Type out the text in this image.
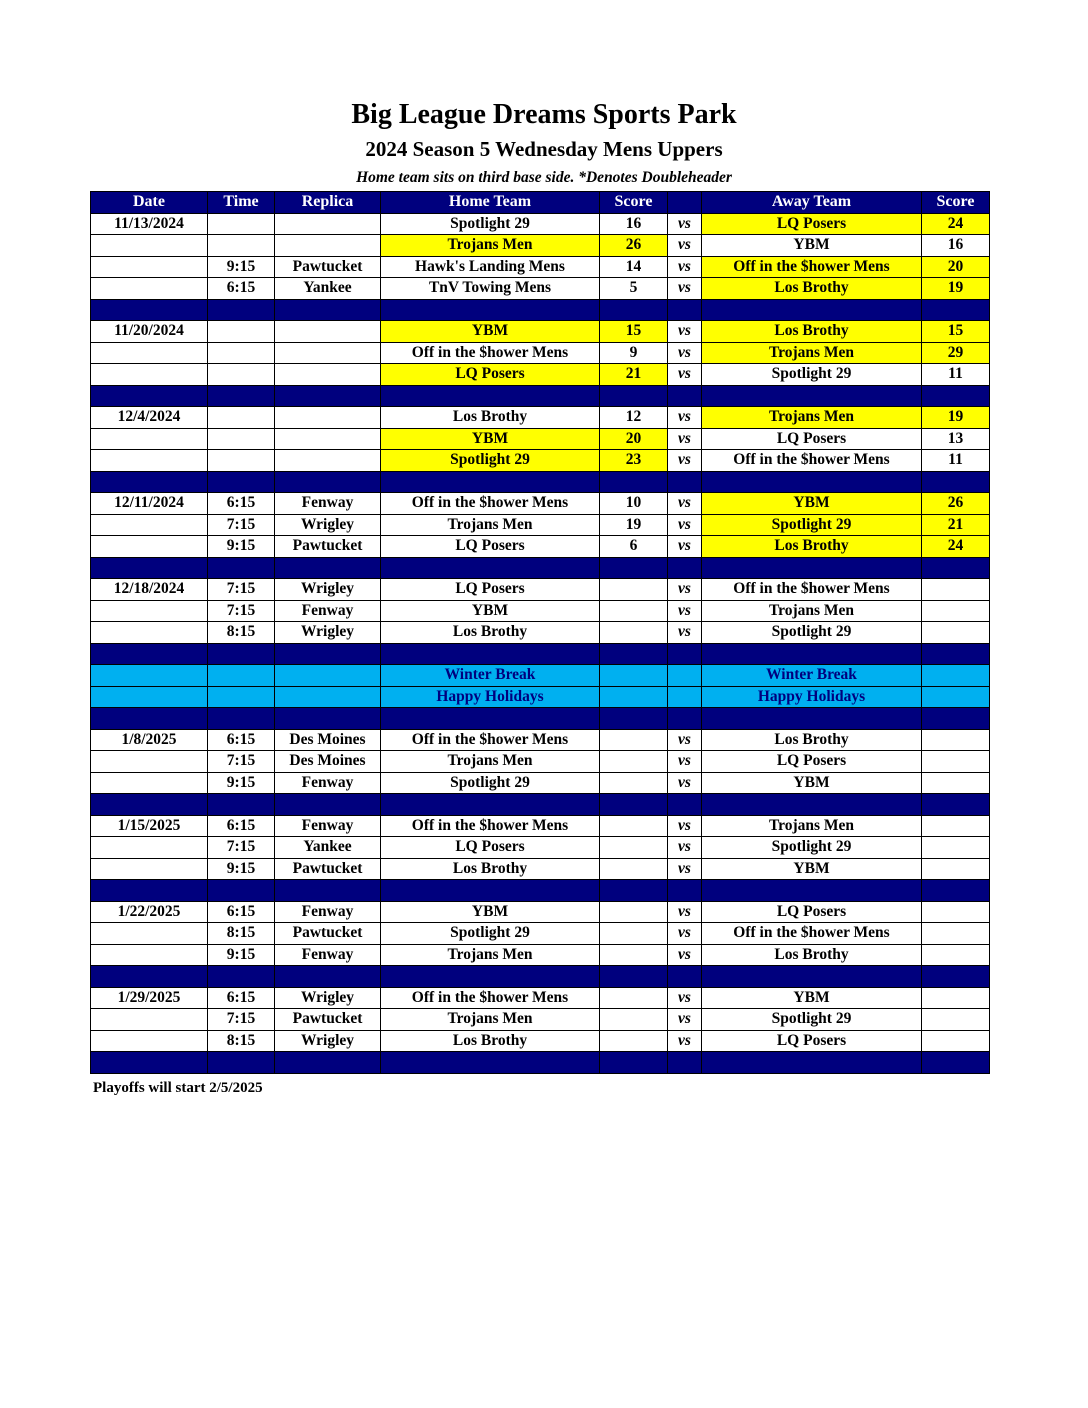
Big League Dreams Sports Park
2024 Season 5 Wednesday Mens Uppers
Home team sits on third base side. *Denotes Doubleheader
Date	Time	Replica	Home Team	Score		Away Team	Score
11/13/2024			Spotlight 29	16	vs	LQ Posers	24
			Trojans Men	26	vs	YBM	16
	9:15	Pawtucket	Hawk's Landing Mens	14	vs	Off in the $hower Mens	20
	6:15	Yankee	TnV Towing Mens	5	vs	Los Brothy	19

11/20/2024			YBM	15	vs	Los Brothy	15
			Off in the $hower Mens	9	vs	Trojans Men	29
			LQ Posers	21	vs	Spotlight 29	11

12/4/2024			Los Brothy	12	vs	Trojans Men	19
			YBM	20	vs	LQ Posers	13
			Spotlight 29	23	vs	Off in the $hower Mens	11

12/11/2024	6:15	Fenway	Off in the $hower Mens	10	vs	YBM	26
	7:15	Wrigley	Trojans Men	19	vs	Spotlight 29	21
	9:15	Pawtucket	LQ Posers	6	vs	Los Brothy	24

12/18/2024	7:15	Wrigley	LQ Posers		vs	Off in the $hower Mens	
	7:15	Fenway	YBM		vs	Trojans Men	
	8:15	Wrigley	Los Brothy		vs	Spotlight 29	

			Winter Break			Winter Break	
			Happy Holidays			Happy Holidays	

1/8/2025	6:15	Des Moines	Off in the $hower Mens		vs	Los Brothy	
	7:15	Des Moines	Trojans Men		vs	LQ Posers	
	9:15	Fenway	Spotlight 29		vs	YBM	

1/15/2025	6:15	Fenway	Off in the $hower Mens		vs	Trojans Men	
	7:15	Yankee	LQ Posers		vs	Spotlight 29	
	9:15	Pawtucket	Los Brothy		vs	YBM	

1/22/2025	6:15	Fenway	YBM		vs	LQ Posers	
	8:15	Pawtucket	Spotlight 29		vs	Off in the $hower Mens	
	9:15	Fenway	Trojans Men		vs	Los Brothy	

1/29/2025	6:15	Wrigley	Off in the $hower Mens		vs	YBM	
	7:15	Pawtucket	Trojans Men		vs	Spotlight 29	
	8:15	Wrigley	Los Brothy		vs	LQ Posers	

Playoffs will start 2/5/2025
